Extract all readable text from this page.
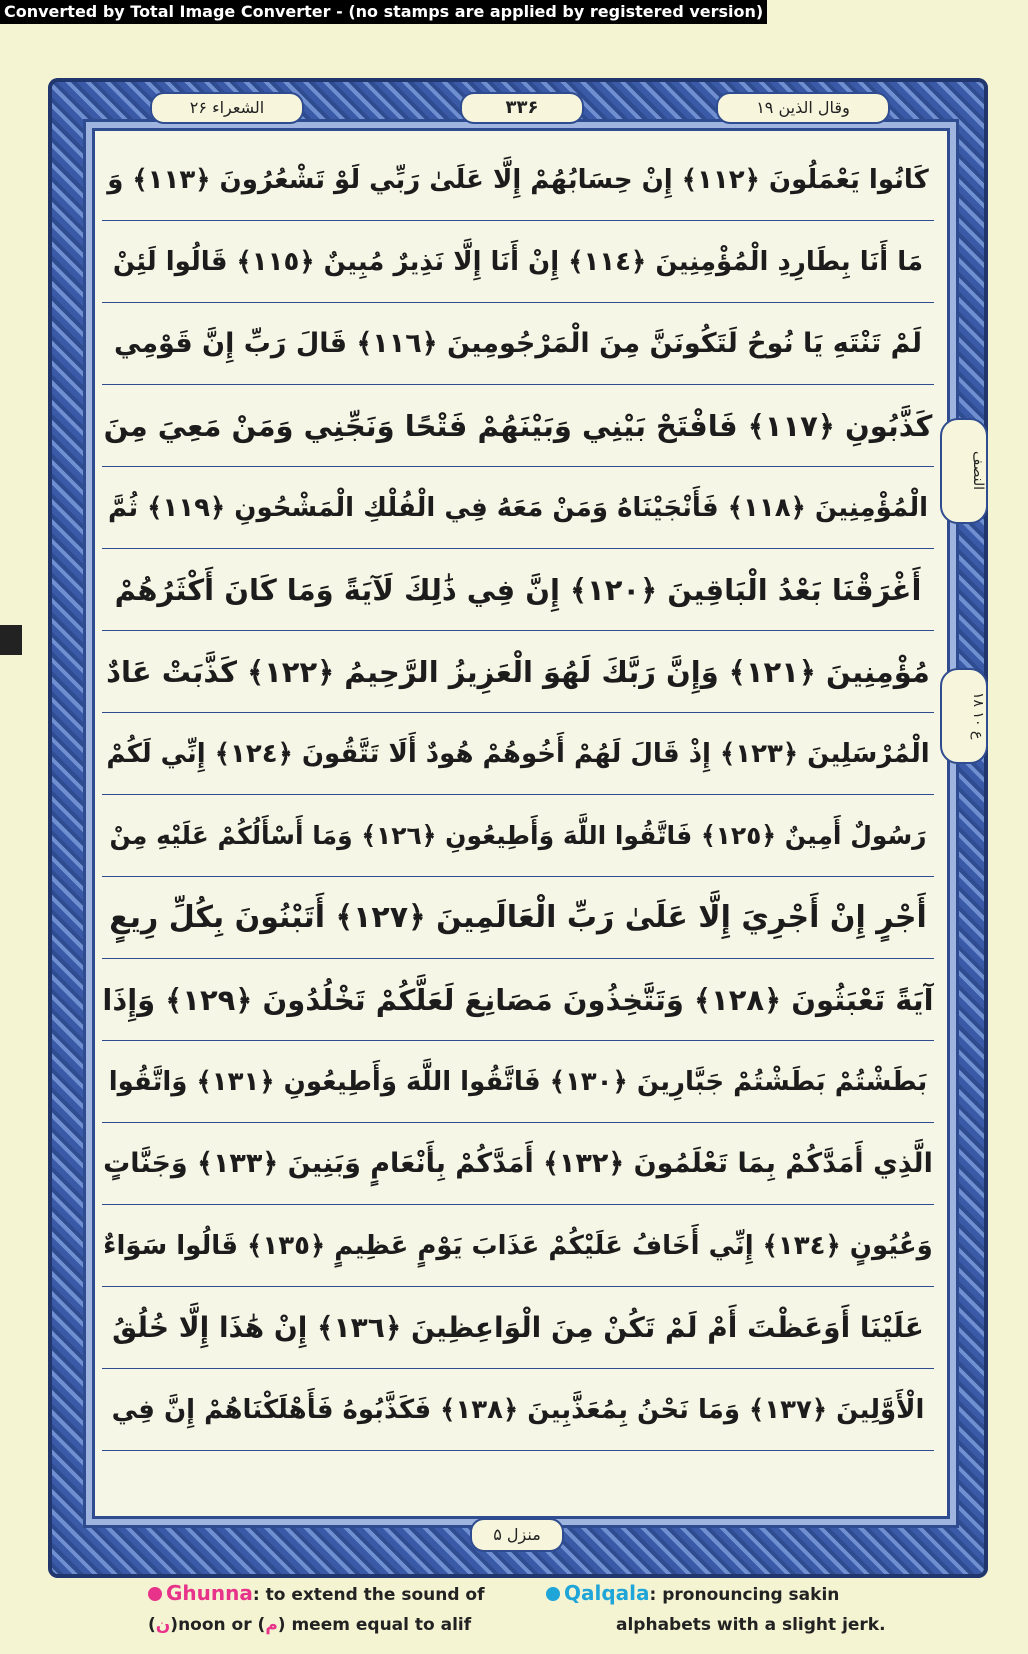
Converted by Total Image Converter - (no stamps are applied by registered version)
الشعراء ۲۶	۳۳۶	وقال الذين ۱۹
كَانُوا يَعْمَلُونَ ﴿١١٢﴾ إِنْ حِسَابُهُمْ إِلَّا عَلَىٰ رَبِّي لَوْ تَشْعُرُونَ ﴿١١٣﴾ وَ
مَا أَنَا بِطَارِدِ الْمُؤْمِنِينَ ﴿١١٤﴾ إِنْ أَنَا إِلَّا نَذِيرٌ مُبِينٌ ﴿١١٥﴾ قَالُوا لَئِنْ
لَمْ تَنْتَهِ يَا نُوحُ لَتَكُونَنَّ مِنَ الْمَرْجُومِينَ ﴿١١٦﴾ قَالَ رَبِّ إِنَّ قَوْمِي
كَذَّبُونِ ﴿١١٧﴾ فَافْتَحْ بَيْنِي وَبَيْنَهُمْ فَتْحًا وَنَجِّنِي وَمَنْ مَعِيَ مِنَ
الْمُؤْمِنِينَ ﴿١١٨﴾ فَأَنْجَيْنَاهُ وَمَنْ مَعَهُ فِي الْفُلْكِ الْمَشْحُونِ ﴿١١٩﴾ ثُمَّ
أَغْرَقْنَا بَعْدُ الْبَاقِينَ ﴿١٢٠﴾ إِنَّ فِي ذَٰلِكَ لَآيَةً وَمَا كَانَ أَكْثَرُهُمْ
مُؤْمِنِينَ ﴿١٢١﴾ وَإِنَّ رَبَّكَ لَهُوَ الْعَزِيزُ الرَّحِيمُ ﴿١٢٢﴾ كَذَّبَتْ عَادٌ
الْمُرْسَلِينَ ﴿١٢٣﴾ إِذْ قَالَ لَهُمْ أَخُوهُمْ هُودٌ أَلَا تَتَّقُونَ ﴿١٢٤﴾ إِنِّي لَكُمْ
رَسُولٌ أَمِينٌ ﴿١٢٥﴾ فَاتَّقُوا اللَّهَ وَأَطِيعُونِ ﴿١٢٦﴾ وَمَا أَسْأَلُكُمْ عَلَيْهِ مِنْ
أَجْرٍ إِنْ أَجْرِيَ إِلَّا عَلَىٰ رَبِّ الْعَالَمِينَ ﴿١٢٧﴾ أَتَبْنُونَ بِكُلِّ رِيعٍ
آيَةً تَعْبَثُونَ ﴿١٢٨﴾ وَتَتَّخِذُونَ مَصَانِعَ لَعَلَّكُمْ تَخْلُدُونَ ﴿١٢٩﴾ وَإِذَا
بَطَشْتُمْ بَطَشْتُمْ جَبَّارِينَ ﴿١٣٠﴾ فَاتَّقُوا اللَّهَ وَأَطِيعُونِ ﴿١٣١﴾ وَاتَّقُوا
الَّذِي أَمَدَّكُمْ بِمَا تَعْلَمُونَ ﴿١٣٢﴾ أَمَدَّكُمْ بِأَنْعَامٍ وَبَنِينَ ﴿١٣٣﴾ وَجَنَّاتٍ
وَعُيُونٍ ﴿١٣٤﴾ إِنِّي أَخَافُ عَلَيْكُمْ عَذَابَ يَوْمٍ عَظِيمٍ ﴿١٣٥﴾ قَالُوا سَوَاءٌ
عَلَيْنَا أَوَعَظْتَ أَمْ لَمْ تَكُنْ مِنَ الْوَاعِظِينَ ﴿١٣٦﴾ إِنْ هَٰذَا إِلَّا خُلُقُ
الْأَوَّلِينَ ﴿١٣٧﴾ وَمَا نَحْنُ بِمُعَذَّبِينَ ﴿١٣٨﴾ فَكَذَّبُوهُ فَأَهْلَكْنَاهُمْ إِنَّ فِي
النصف
۱۸ ع ۱۰
منزل ۵
Ghunna: to extend the sound of
(ن)noon or (م) meem equal to alif
Qalqala: pronouncing sakin
alphabets with a slight jerk.
